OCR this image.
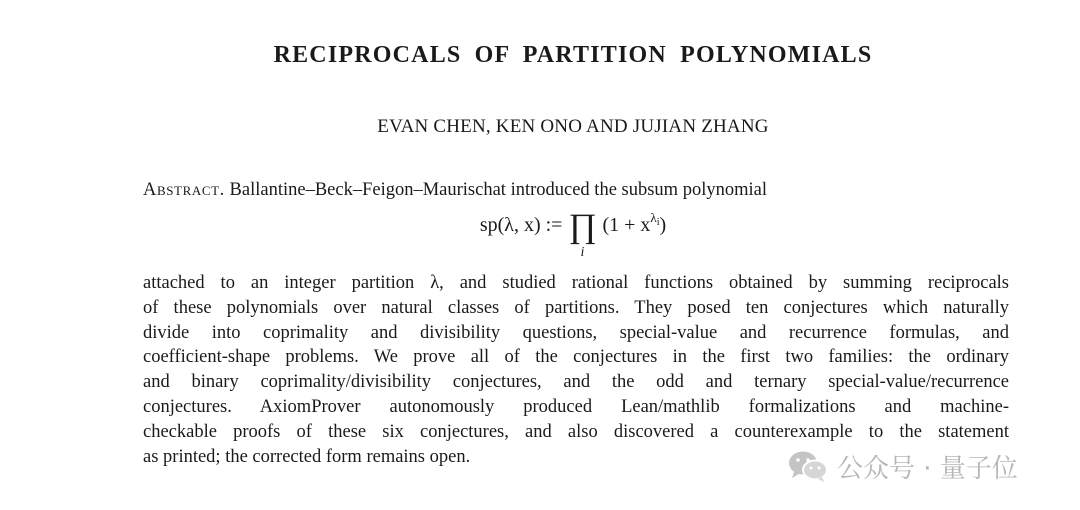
RECIPROCALS OF PARTITION POLYNOMIALS
EVAN CHEN, KEN ONO AND JUJIAN ZHANG
Abstract. Ballantine–Beck–Feigon–Maurischat introduced the subsum polynomial
sp(λ, x) := ∏
i
$(1 + x^{\lambda_i})$
attached to an integer partition λ, and studied rational functions obtained by summing reciprocals
of these polynomials over natural classes of partitions. They posed ten conjectures which naturally
divide into coprimality and divisibility questions, special-value and recurrence formulas, and
coefficient-shape problems. We prove all of the conjectures in the first two families: the ordinary
and binary coprimality/divisibility conjectures, and the odd and ternary special-value/recurrence
conjectures. AxiomProver autonomously produced Lean/mathlib formalizations and machine-
checkable proofs of these six conjectures, and also discovered a counterexample to the statement
as printed; the corrected form remains open.	公众号 · 量子位
